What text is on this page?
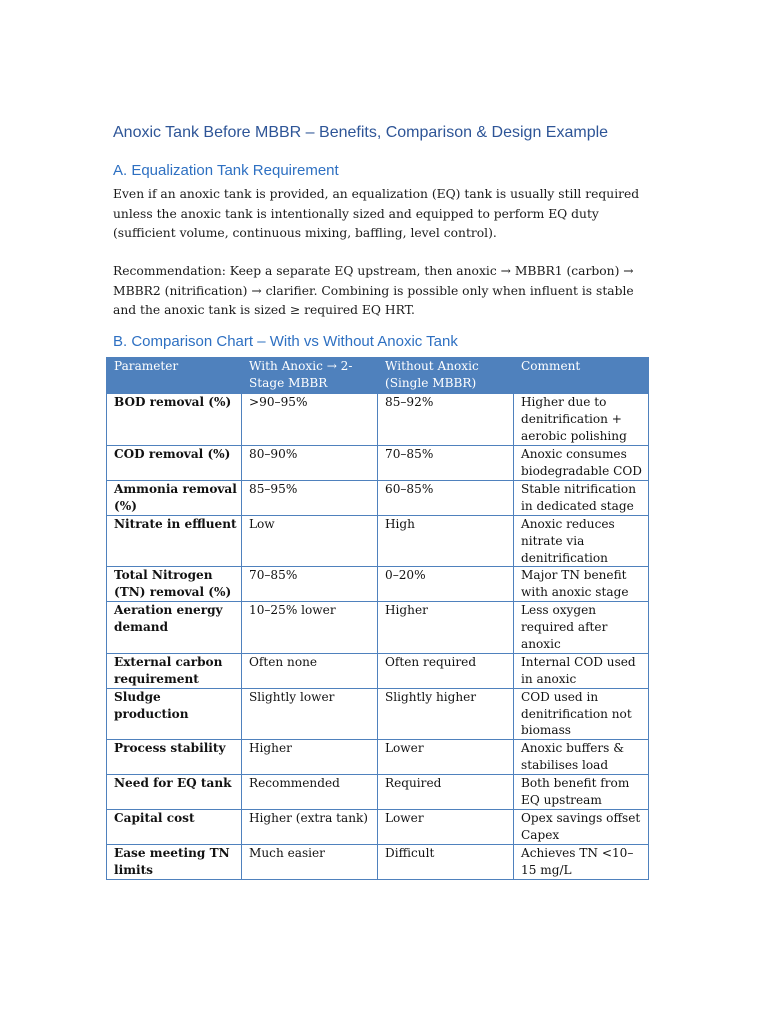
Anoxic Tank Before MBBR – Benefits, Comparison & Design Example
A. Equalization Tank Requirement

Even if an anoxic tank is provided, an equalization (EQ) tank is usually still required unless the anoxic tank is intentionally sized and equipped to perform EQ duty (sufficient volume, continuous mixing, baffling, level control).

Recommendation: Keep a separate EQ upstream, then anoxic → MBBR1 (carbon) → MBBR2 (nitrification) → clarifier. Combining is possible only when influent is stable and the anoxic tank is sized ≥ required EQ HRT.

B. Comparison Chart – With vs Without Anoxic Tank
Parameter	With Anoxic → 2-Stage MBBR	Without Anoxic (Single MBBR)	Comment
BOD removal (%)	>90–95%	85–92%	Higher due to denitrification + aerobic polishing
COD removal (%)	80–90%	70–85%	Anoxic consumes biodegradable COD
Ammonia removal (%)	85–95%	60–85%	Stable nitrification in dedicated stage
Nitrate in effluent	Low	High	Anoxic reduces nitrate via denitrification
Total Nitrogen (TN) removal (%)	70–85%	0–20%	Major TN benefit with anoxic stage
Aeration energy demand	10–25% lower	Higher	Less oxygen required after anoxic
External carbon requirement	Often none	Often required	Internal COD used in anoxic
Sludge production	Slightly lower	Slightly higher	COD used in denitrification not biomass
Process stability	Higher	Lower	Anoxic buffers & stabilises load
Need for EQ tank	Recommended	Required	Both benefit from EQ upstream
Capital cost	Higher (extra tank)	Lower	Opex savings offset Capex
Ease meeting TN limits	Much easier	Difficult	Achieves TN <10–15 mg/L
